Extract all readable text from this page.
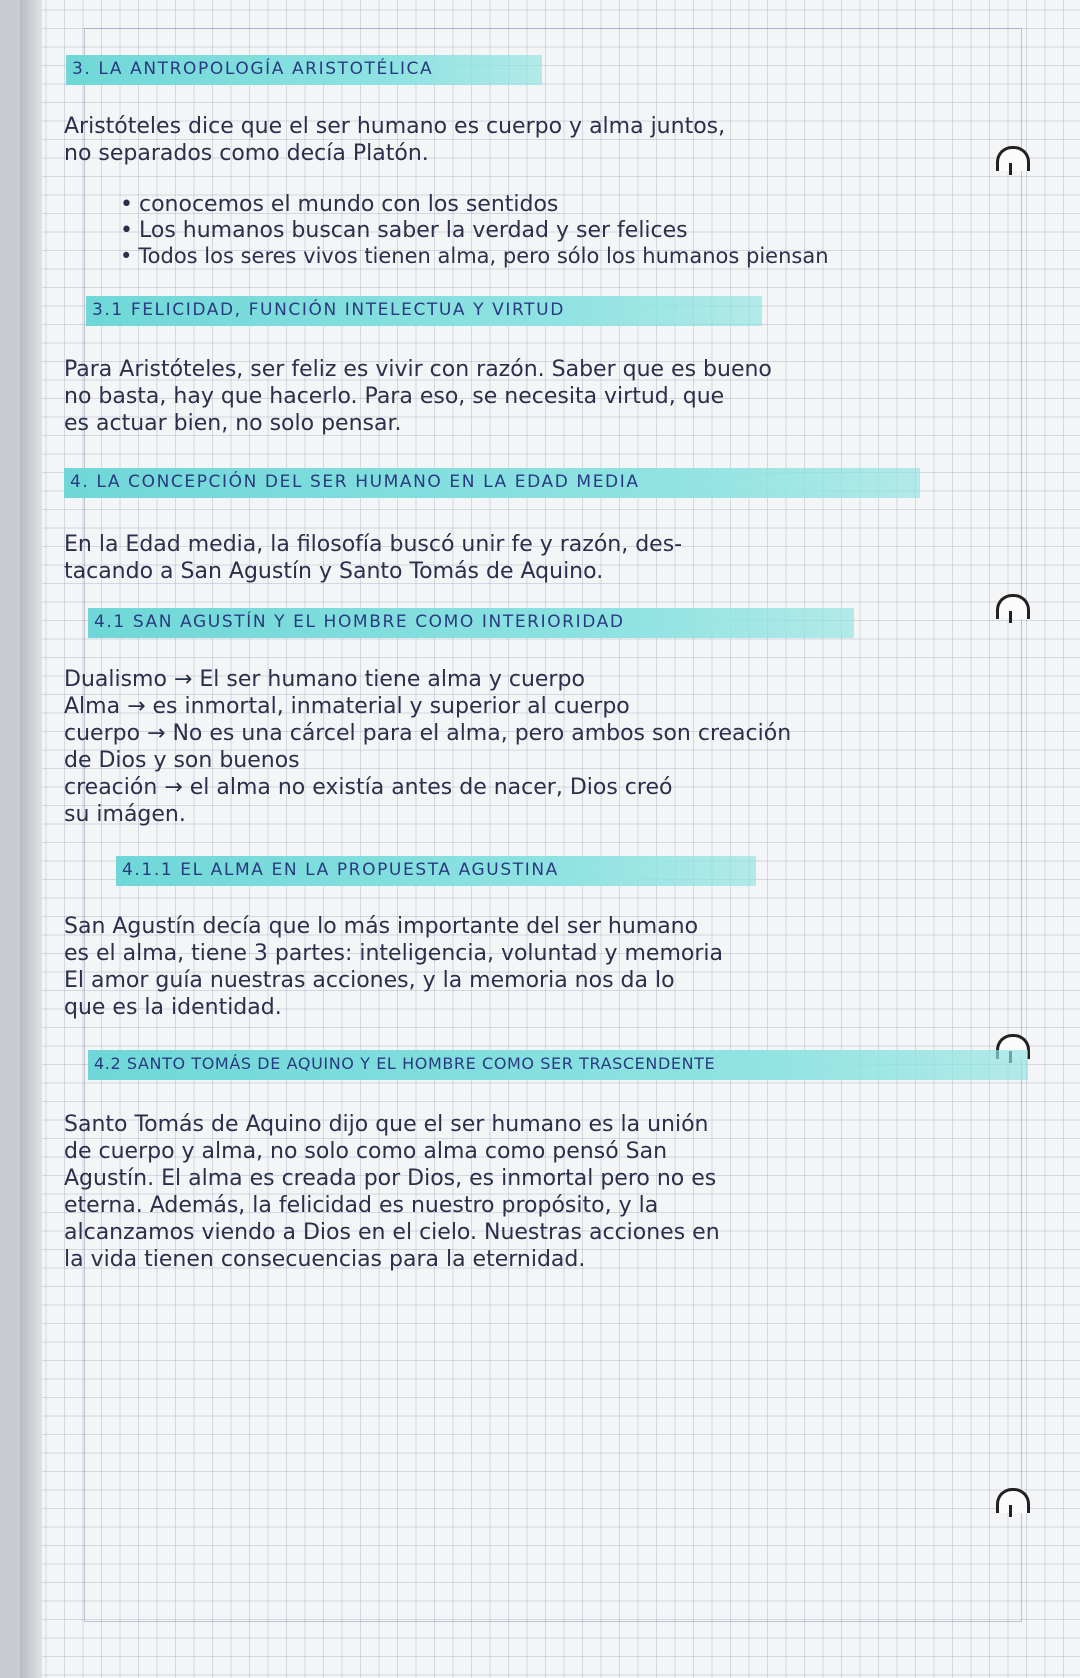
3. LA ANTROPOLOGÍA ARISTOTÉLICA
Aristóteles dice que el ser humano es cuerpo y alma juntos,
no separados como decía Platón.
• conocemos el mundo con los sentidos
• Los humanos buscan saber la verdad y ser felices
• Todos los seres vivos tienen alma, pero sólo los humanos piensan
3.1 FELICIDAD, FUNCIÓN INTELECTUA Y VIRTUD
Para Aristóteles, ser feliz es vivir con razón. Saber que es bueno
no basta, hay que hacerlo. Para eso, se necesita virtud, que
es actuar bien, no solo pensar.
4. LA CONCEPCIÓN DEL SER HUMANO EN LA EDAD MEDIA
En la Edad media, la filosofía buscó unir fe y razón, des-
tacando a San Agustín y Santo Tomás de Aquino.
4.1 SAN AGUSTÍN Y EL HOMBRE COMO INTERIORIDAD
Dualismo → El ser humano tiene alma y cuerpo
Alma → es inmortal, inmaterial y superior al cuerpo
cuerpo → No es una cárcel para el alma, pero ambos son creación
de Dios y son buenos
creación → el alma no existía antes de nacer, Dios creó
su imágen.
4.1.1 EL ALMA EN LA PROPUESTA AGUSTINA
San Agustín decía que lo más importante del ser humano
es el alma, tiene 3 partes: inteligencia, voluntad y memoria
El amor guía nuestras acciones, y la memoria nos da lo
que es la identidad.
4.2 SANTO TOMÁS DE AQUINO Y EL HOMBRE COMO SER TRASCENDENTE
Santo Tomás de Aquino dijo que el ser humano es la unión
de cuerpo y alma, no solo como alma como pensó San
Agustín. El alma es creada por Dios, es inmortal pero no es
eterna. Además, la felicidad es nuestro propósito, y la
alcanzamos viendo a Dios en el cielo. Nuestras acciones en
la vida tienen consecuencias para la eternidad.
